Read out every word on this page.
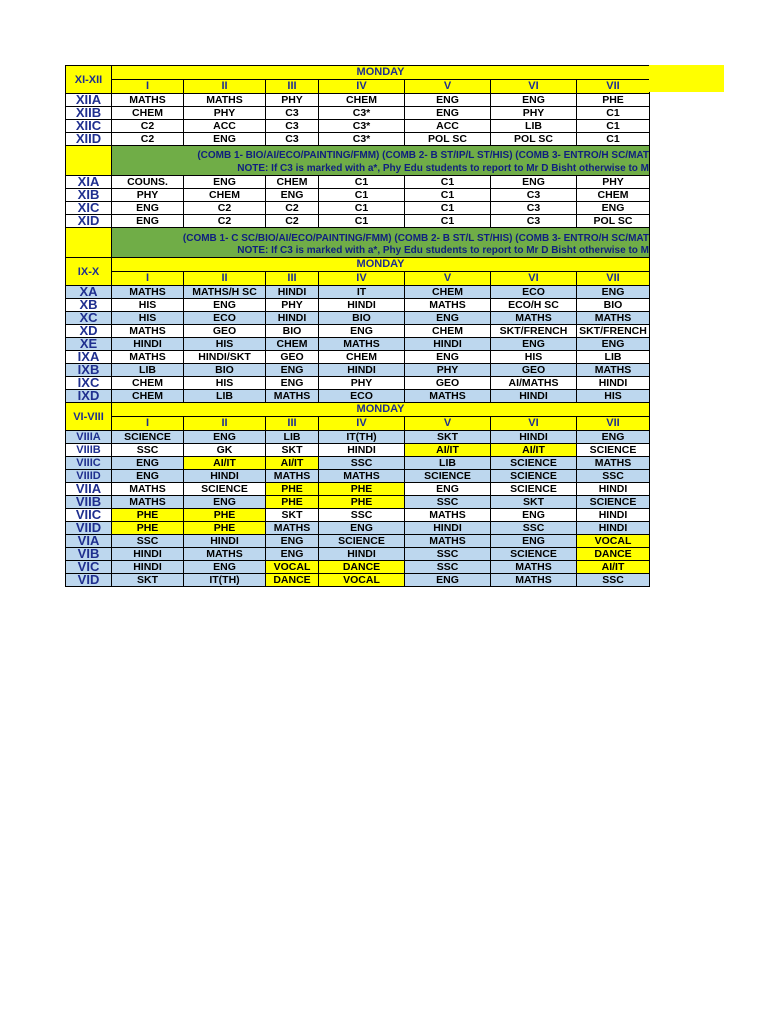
XI-XII	MONDAY						
	I	II	III	IV	V	VI	VII
XIIA	MATHS	MATHS	PHY	CHEM	ENG	ENG	PHE
XIIB	CHEM	PHY	C3	C3*	ENG	PHY	C1
XIIC	C2	ACC	C3	C3*	ACC	LIB	C1
XIID	C2	ENG	C3	C3*	POL SC	POL SC	C1

	(COMB 1- BIO/AI/ECO/PAINTING/FMM) (COMB 2- B ST/IP/L ST/HIS) (COMB 3- ENTRO/H SC/MAT
NOTE: If C3 is marked with a*, Phy Edu students to report to Mr D Bisht otherwise to M						

XIA	COUNS.	ENG	CHEM	C1	C1	ENG	PHY
XIB	PHY	CHEM	ENG	C1	C1	C3	CHEM
XIC	ENG	C2	C2	C1	C1	C3	ENG
XID	ENG	C2	C2	C1	C1	C3	POL SC

	(COMB 1- C SC/BIO/AI/ECO/PAINTING/FMM) (COMB 2- B ST/L ST/HIS) (COMB 3- ENTRO/H SC/MAT
NOTE: If C3 is marked with a*, Phy Edu students to report to Mr D Bisht otherwise to M						

IX-X	MONDAY						
	I	II	III	IV	V	VI	VII
XA	MATHS	MATHS/H SC	HINDI	IT	CHEM	ECO	ENG
XB	HIS	ENG	PHY	HINDI	MATHS	ECO/H SC	BIO
XC	HIS	ECO	HINDI	BIO	ENG	MATHS	MATHS
XD	MATHS	GEO	BIO	ENG	CHEM	SKT/FRENCH	SKT/FRENCH
XE	HINDI	HIS	CHEM	MATHS	HINDI	ENG	ENG
IXA	MATHS	HINDI/SKT	GEO	CHEM	ENG	HIS	LIB
IXB	LIB	BIO	ENG	HINDI	PHY	GEO	MATHS
IXC	CHEM	HIS	ENG	PHY	GEO	AI/MATHS	HINDI
IXD	CHEM	LIB	MATHS	ECO	MATHS	HINDI	HIS
VI-VIII	MONDAY						
	I	II	III	IV	V	VI	VII
VIIIA	SCIENCE	ENG	LIB	IT(TH)	SKT	HINDI	ENG
VIIIB	SSC	GK	SKT	HINDI	AI/IT	AI/IT	SCIENCE
VIIIC	ENG	AI/IT	AI/IT	SSC	LIB	SCIENCE	MATHS
VIIID	ENG	HINDI	MATHS	MATHS	SCIENCE	SCIENCE	SSC
VIIA	MATHS	SCIENCE	PHE	PHE	ENG	SCIENCE	HINDI
VIIB	MATHS	ENG	PHE	PHE	SSC	SKT	SCIENCE
VIIC	PHE	PHE	SKT	SSC	MATHS	ENG	HINDI
VIID	PHE	PHE	MATHS	ENG	HINDI	SSC	HINDI
VIA	SSC	HINDI	ENG	SCIENCE	MATHS	ENG	VOCAL
VIB	HINDI	MATHS	ENG	HINDI	SSC	SCIENCE	DANCE
VIC	HINDI	ENG	VOCAL	DANCE	SSC	MATHS	AI/IT
VID	SKT	IT(TH)	DANCE	VOCAL	ENG	MATHS	SSC
